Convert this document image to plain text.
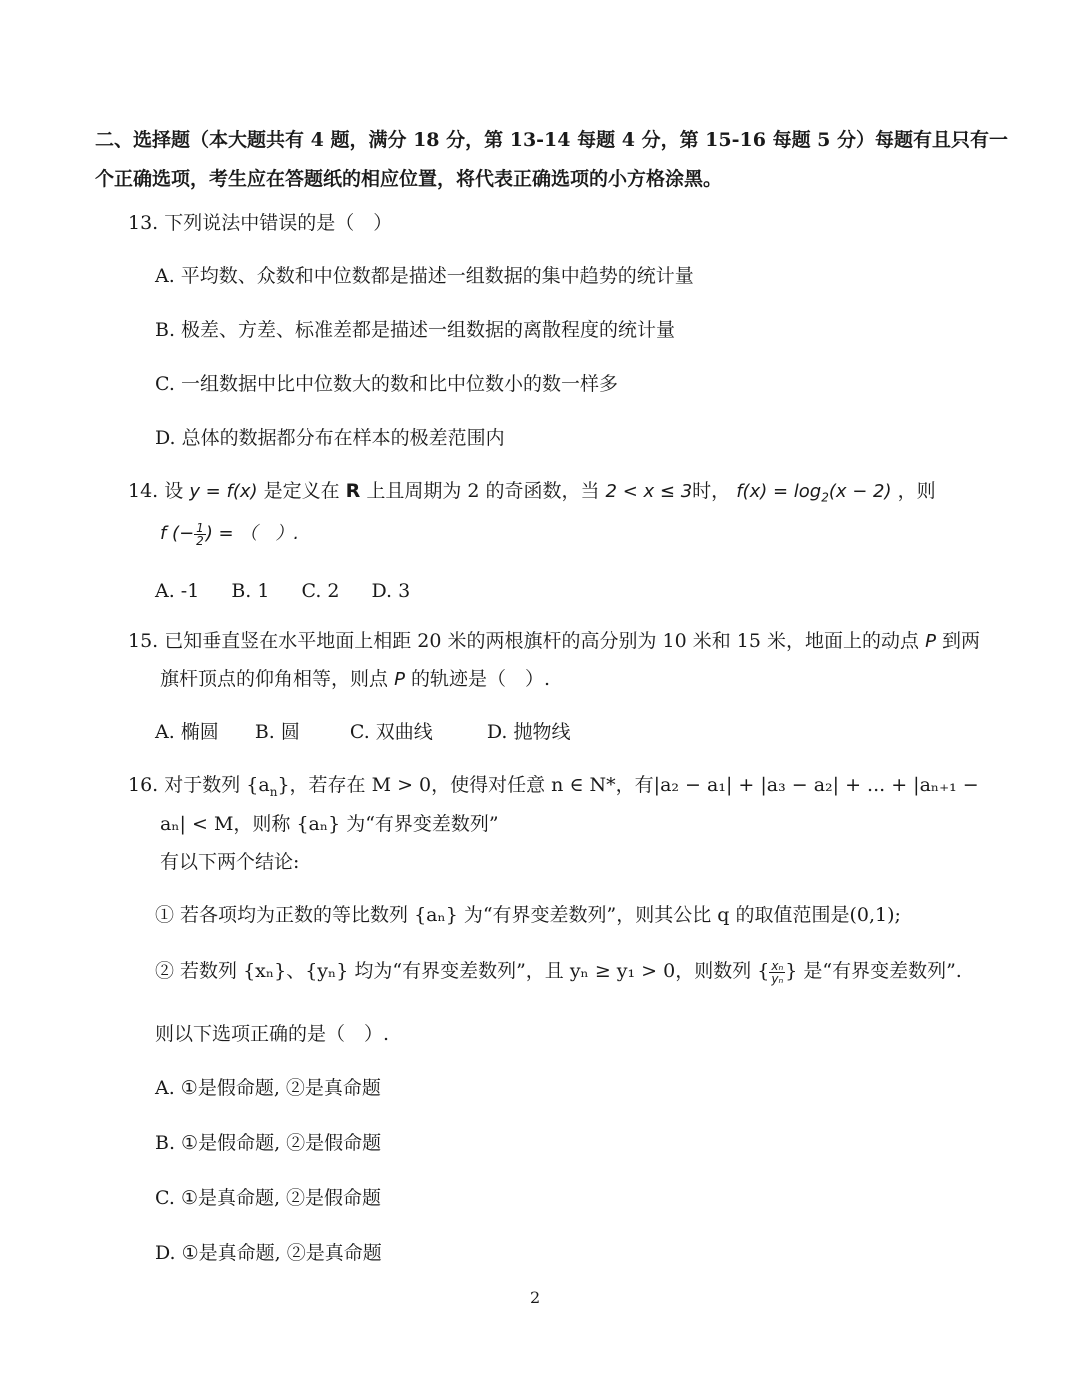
二、选择题（本大题共有 4 题，满分 18 分，第 13-14 每题 4 分，第 15-16 每题 5 分）每题有且只有一
个正确选项，考生应在答题纸的相应位置，将代表正确选项的小方格涂黑。
13. 下列说法中错误的是（　）
A. 平均数、众数和中位数都是描述一组数据的集中趋势的统计量
B. 极差、方差、标准差都是描述一组数据的离散程度的统计量
C. 一组数据中比中位数大的数和比中位数小的数一样多
D. 总体的数据都分布在样本的极差范围内
14. 设 y = f(x) 是定义在 R 上且周期为 2 的奇函数，当 2 < x ≤ 3时， $f(x) = \log_2(x - 2)$ ，则
f (− $\frac{1}{2}$ ) = （　）.
A. -1 B. 1 C. 2 D. 3
15. 已知垂直竖在水平地面上相距 20 米的两根旗杆的高分别为 10 米和 15 米，地面上的动点 P 到两
旗杆顶点的仰角相等，则点 P 的轨迹是（　）.
A. 椭圆 B. 圆	C. 双曲线	D. 抛物线
16. 对于数列 $\{a_n\}$，若存在 M > 0，使得对任意 n ∈ N*，有|a₂ − a₁| + |a₃ − a₂| + ... + |aₙ₊₁ −
aₙ| < M，则称 {aₙ} 为“有界变差数列”
有以下两个结论:
① 若各项均为正数的等比数列 {aₙ} 为“有界变差数列”，则其公比 q 的取值范围是(0,1);
② 若数列 {xₙ}、{yₙ} 均为“有界变差数列”，且 yₙ ≥ y₁ > 0，则数列 { $\frac{\text{xₙ}}{\text{yₙ}}$ } 是“有界变差数列”.
则以下选项正确的是（　）.
A. ①是假命题, ②是真命题
B. ①是假命题, ②是假命题
C. ①是真命题, ②是假命题
D. ①是真命题, ②是真命题
2
